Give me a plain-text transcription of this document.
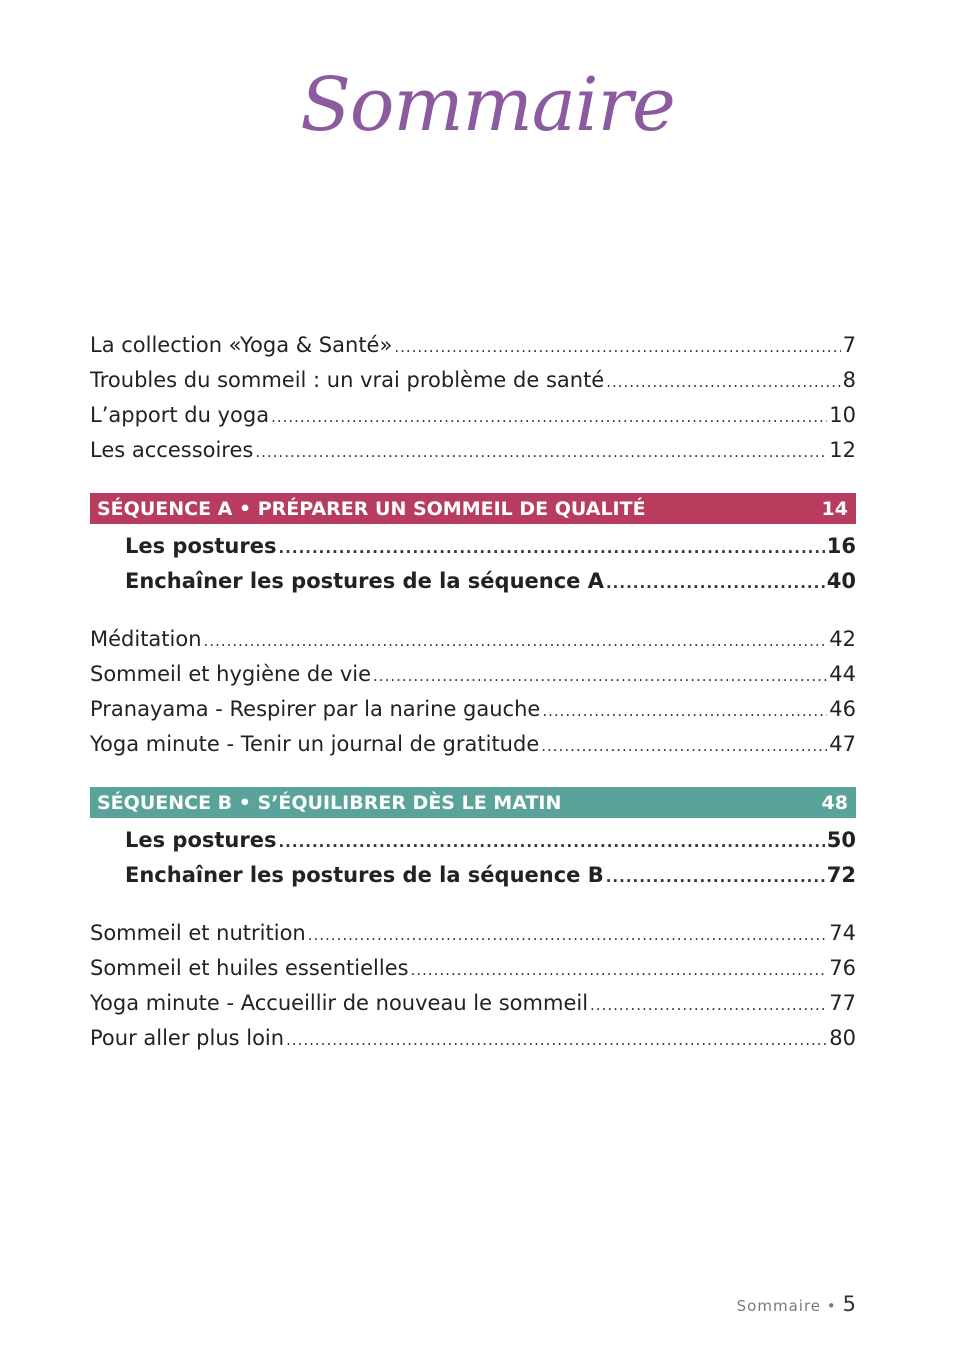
Sommaire
La collection «Yoga & Santé» .....	7
Troubles du sommeil : un vrai problème de santé .....	8
L’apport du yoga .....	10
Les accessoires .....	12
SÉQUENCE A • PRÉPARER UN SOMMEIL DE QUALITÉ	14
Les postures .....	16
Enchaîner les postures de la séquence A .....	40
Méditation .....	42
Sommeil et hygiène de vie .....	44
Pranayama - Respirer par la narine gauche .....	46
Yoga minute - Tenir un journal de gratitude .....	47
SÉQUENCE B • S’ÉQUILIBRER DÈS LE MATIN	48
Les postures .....	50
Enchaîner les postures de la séquence B .....	72
Sommeil et nutrition .....	74
Sommeil et huiles essentielles .....	76
Yoga minute - Accueillir de nouveau le sommeil .....	77
Pour aller plus loin .....	80
Sommaire • 5
